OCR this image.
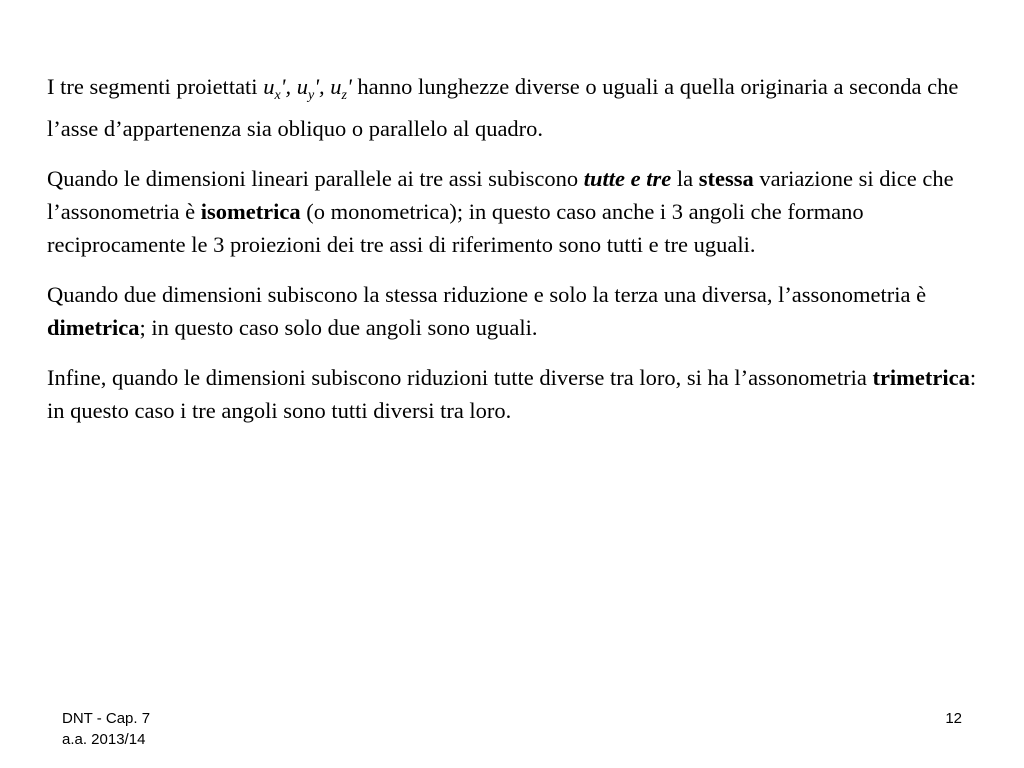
I tre segmenti proiettati $u_x'$, $u_y'$, $u_z'$ hanno lunghezze diverse o uguali a quella originaria a seconda che l’asse d’appartenenza sia obliquo o parallelo al quadro.

Quando le dimensioni lineari parallele ai tre assi subiscono tutte e tre la stessa variazione si dice che l’assonometria è isometrica (o monometrica); in questo caso anche i 3 angoli che formano reciprocamente le 3 proiezioni dei tre assi di riferimento sono tutti e tre uguali.

Quando due dimensioni subiscono la stessa riduzione e solo la terza una diversa, l’assonometria è dimetrica; in questo caso solo due angoli sono uguali.

Infine, quando le dimensioni subiscono riduzioni tutte diverse tra loro, si ha l’assonometria trimetrica: in questo caso i tre angoli sono tutti diversi tra loro.

DNT - Cap. 7
a.a. 2013/14
12
